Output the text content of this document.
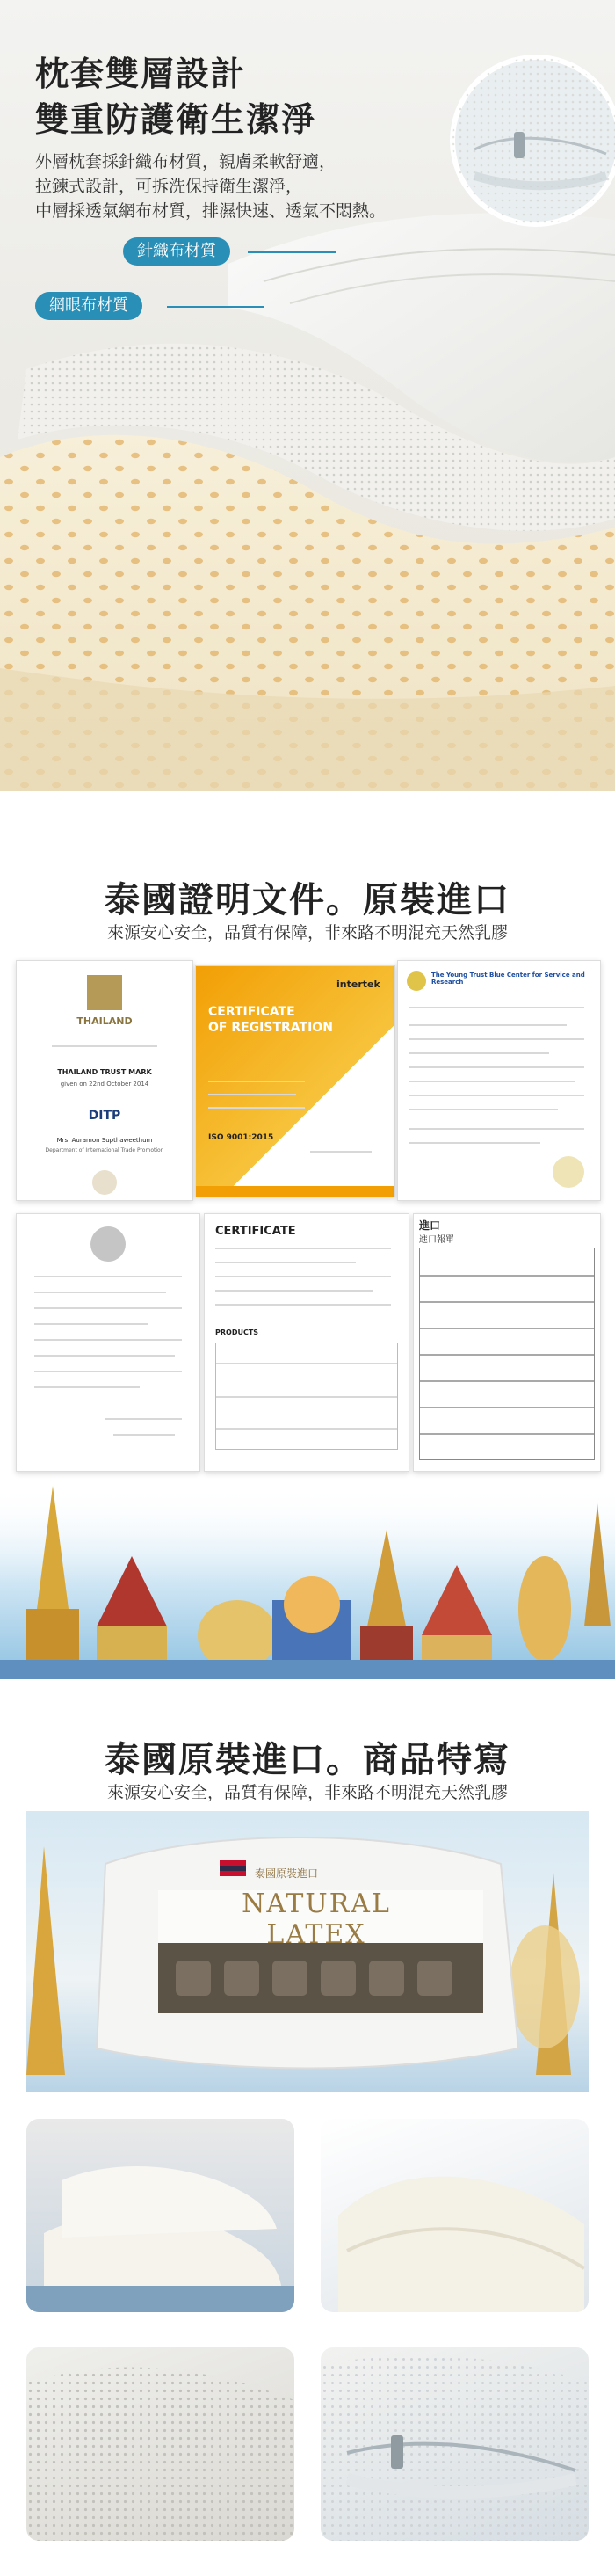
枕套雙層設計
雙重防護衛生潔淨
外層枕套採針織布材質，親膚柔軟舒適，
拉鍊式設計，可拆洗保持衛生潔淨，
中層採透氣網布材質，排濕快速、透氣不悶熱。
針織布材質
網眼布材質
泰國證明文件。原裝進口
來源安心安全，品質有保障，非來路不明混充天然乳膠
THAILAND
THAILAND TRUST MARK
given on 22nd October 2014
DITP
Mrs. Auramon Supthaweethum
Department of International Trade Promotion
intertek
CERTIFICATE
OF REGISTRATION
ISO 9001:2015
The Young Trust Blue Center for Service and Research
CERTIFICATE
PRODUCTS
進口
進口報單
泰國原裝進口。商品特寫
來源安心安全，品質有保障，非來路不明混充天然乳膠
泰國原裝進口
NATURAL LATEX
